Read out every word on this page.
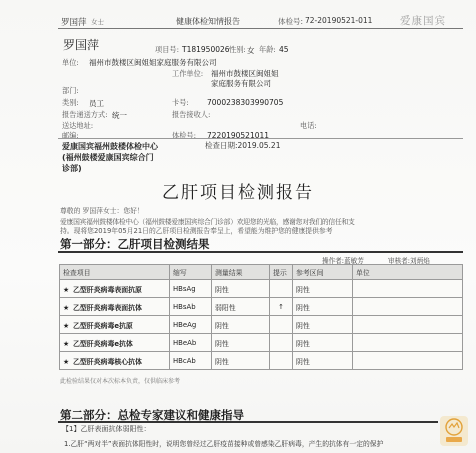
罗国萍 女士	健康体检知情报告	体检号: 72-20190521-011	爱康国宾
罗国萍	项目号: T181950026 性别: 女 年龄: 45
单位: 福州市鼓楼区闽姐姐家庭服务有限公司
部门:
工作单位: 福州市鼓楼区闽姐姐
家庭服务有限公司
类别: 员工	卡号: 7000238303990705
报告递送方式: 统一	报告接收人:
送达地址:
邮编:	体检号: 7220190521011
电话:
爱康国宾福州鼓楼体检中心
(福州鼓楼爱康国宾综合门
诊部)
检查日期:2019.05.21
乙肝项目检测报告
尊敬的 罗国萍女士：您好！
爱康国宾福州鼓楼体检中心（福州鼓楼爱康国宾综合门诊部）欢迎您的光临，感谢您对我们的信任和支
持。现将您2019年05月21日的乙肝项目检测报告奉呈上，希望能为维护您的健康提供参考
第一部分：乙肝项目检测结果
操作者:蓝敏芳	审核者:刘炳焰
检查项目	缩写	测量结果	提示	参考区间	单位
★ 乙型肝炎病毒表面抗原	HBsAg	阴性		阴性	
★ 乙型肝炎病毒表面抗体	HBsAb	弱阳性	↑	阴性	
★ 乙型肝炎病毒e抗原	HBeAg	阴性		阴性	
★ 乙型肝炎病毒e抗体	HBeAb	阴性		阴性	
★ 乙型肝炎病毒核心抗体	HBcAb	阴性		阴性	
此检验结果仅对本次标本负责，仅供临床参考
第二部分：总检专家建议和健康指导
【1】乙肝表面抗体弱阳性：
1.乙肝“两对半”表面抗体阳性时，说明您曾经过乙肝疫苗接种或曾感染乙肝病毒，产生的抗体有一定的保护
